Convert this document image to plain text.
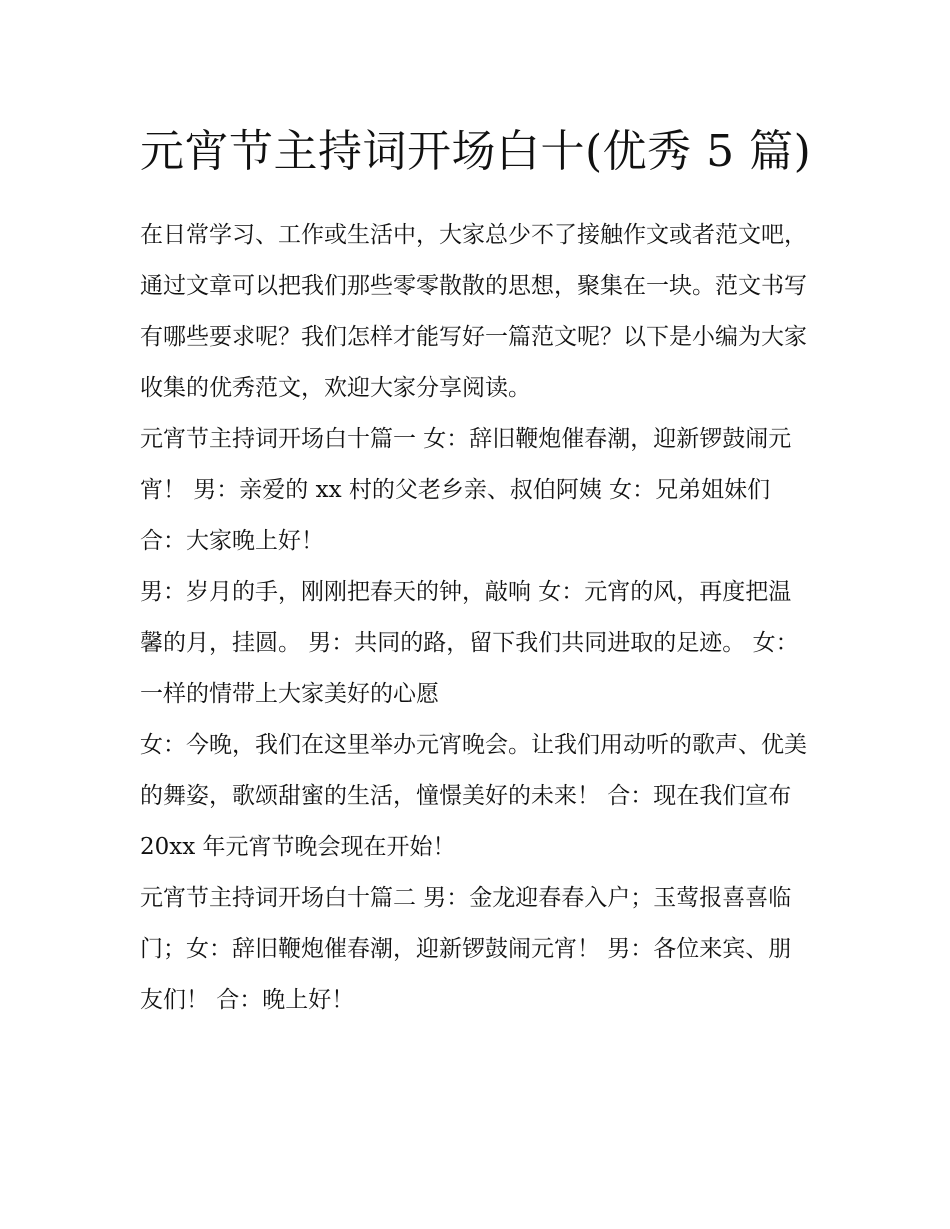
元宵节主持词开场白十(优秀 5 篇)

在日常学习、工作或生活中，大家总少不了接触作文或者范文吧，通过文章可以把我们那些零零散散的思想，聚集在一块。范文书写有哪些要求呢？我们怎样才能写好一篇范文呢？以下是小编为大家收集的优秀范文，欢迎大家分享阅读。

元宵节主持词开场白十篇一 女：辞旧鞭炮催春潮，迎新锣鼓闹元宵！ 男：亲爱的 xx 村的父老乡亲、叔伯阿姨 女：兄弟姐妹们 合：大家晚上好！

男：岁月的手，刚刚把春天的钟，敲响 女：元宵的风，再度把温馨的月，挂圆。 男：共同的路，留下我们共同进取的足迹。 女：一样的情带上大家美好的心愿

女：今晚，我们在这里举办元宵晚会。让我们用动听的歌声、优美的舞姿，歌颂甜蜜的生活，憧憬美好的未来！ 合：现在我们宣布 20xx 年元宵节晚会现在开始！

元宵节主持词开场白十篇二 男：金龙迎春春入户；玉莺报喜喜临门；女：辞旧鞭炮催春潮，迎新锣鼓闹元宵！ 男：各位来宾、朋友们！ 合：晚上好！
